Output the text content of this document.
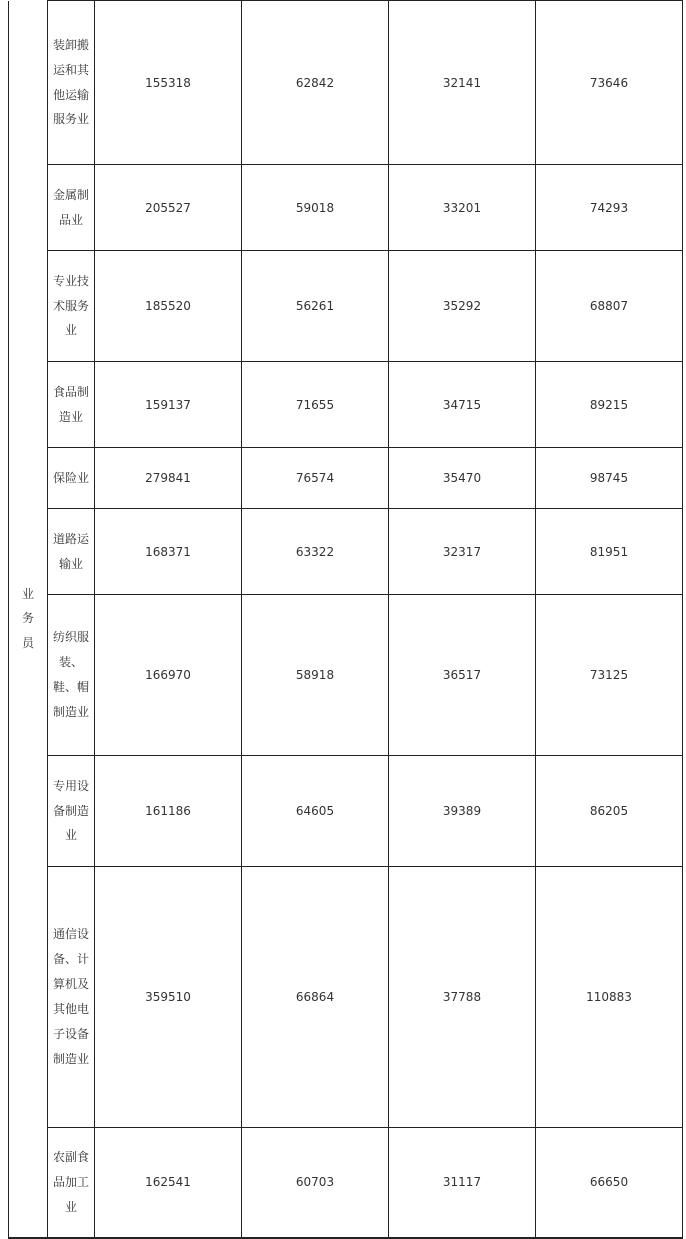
业务员	装卸搬运和其他运输服务业	155318	62842	32141	73646
	金属制品业	205527	59018	33201	74293
	专业技术服务业	185520	56261	35292	68807
	食品制造业	159137	71655	34715	89215
	保险业	279841	76574	35470	98745
	道路运输业	168371	63322	32317	81951
	纺织服装、鞋、帽制造业	166970	58918	36517	73125
	专用设备制造业	161186	64605	39389	86205
	通信设备、计算机及其他电子设备制造业	359510	66864	37788	110883
	农副食品加工业	162541	60703	31117	66650
